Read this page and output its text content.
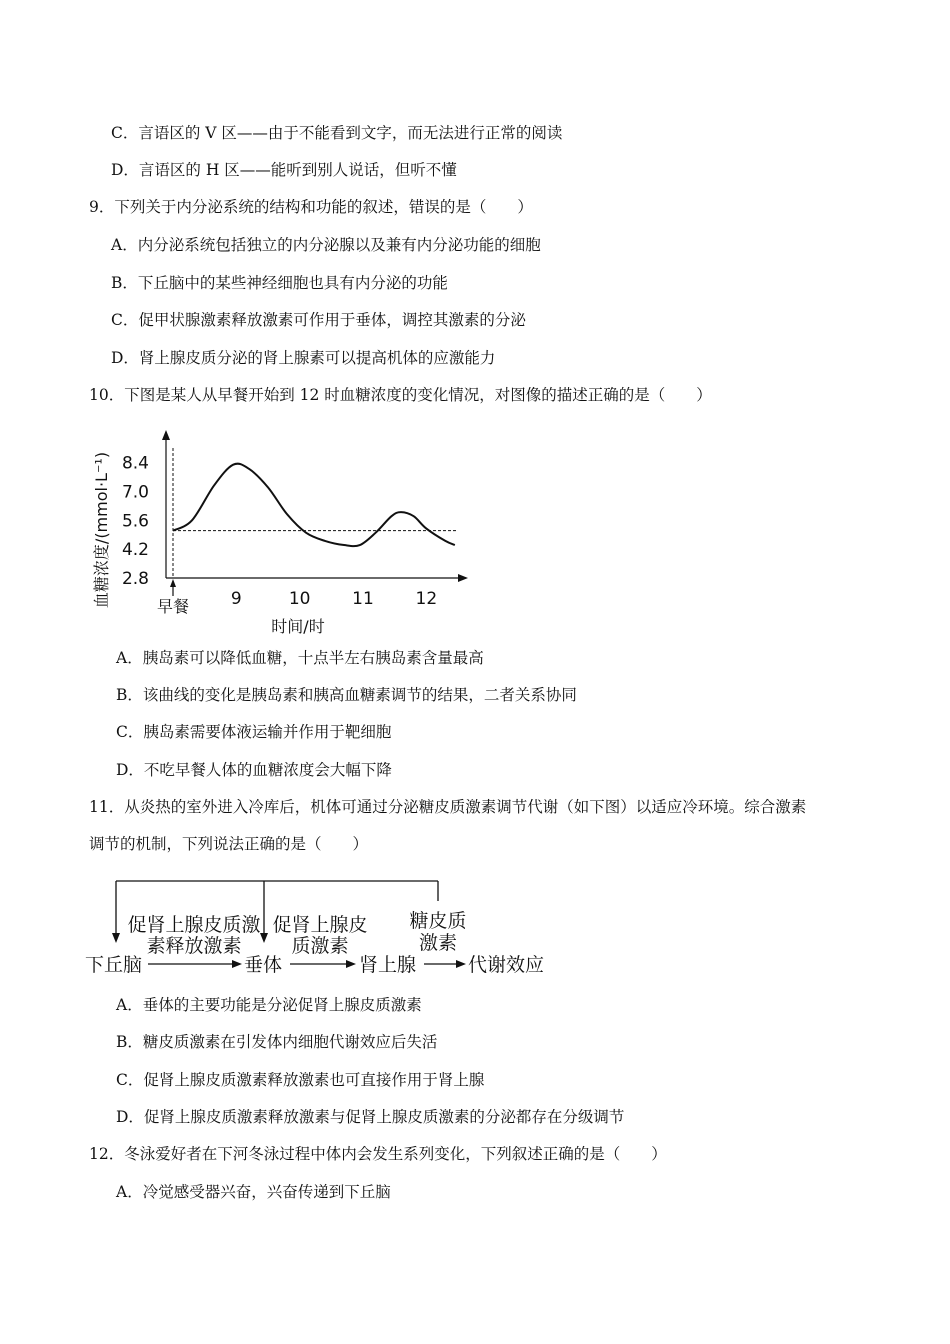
C．言语区的 V 区——由于不能看到文字，而无法进行正常的阅读
D．言语区的 H 区——能听到别人说话，但听不懂
9．下列关于内分泌系统的结构和功能的叙述，错误的是（　　）
A．内分泌系统包括独立的内分泌腺以及兼有内分泌功能的细胞
B．下丘脑中的某些神经细胞也具有内分泌的功能
C．促甲状腺激素释放激素可作用于垂体，调控其激素的分泌
D．肾上腺皮质分泌的肾上腺素可以提高机体的应激能力
10．下图是某人从早餐开始到 12 时血糖浓度的变化情况，对图像的描述正确的是（　　）
血糖浓度/(mmol·L⁻¹) 8.4
7.0
5.6
4.2
2.8
9	10 11 12
早餐
时间/时
A．胰岛素可以降低血糖，十点半左右胰岛素含量最高
B．该曲线的变化是胰岛素和胰高血糖素调节的结果，二者关系协同
C．胰岛素需要体液运输并作用于靶细胞
D．不吃早餐人体的血糖浓度会大幅下降
11．从炎热的室外进入冷库后，机体可通过分泌糖皮质激素调节代谢（如下图）以适应冷环境。综合激素
调节的机制，下列说法正确的是（　　）
促肾上腺皮质激
素释放激素
促肾上腺皮
质激素
糖皮质
激素
下丘脑	垂体	肾上腺	代谢效应
A．垂体的主要功能是分泌促肾上腺皮质激素
B．糖皮质激素在引发体内细胞代谢效应后失活
C．促肾上腺皮质激素释放激素也可直接作用于肾上腺
D．促肾上腺皮质激素释放激素与促肾上腺皮质激素的分泌都存在分级调节
12．冬泳爱好者在下河冬泳过程中体内会发生系列变化，下列叙述正确的是（　　）
A．冷觉感受器兴奋，兴奋传递到下丘脑
